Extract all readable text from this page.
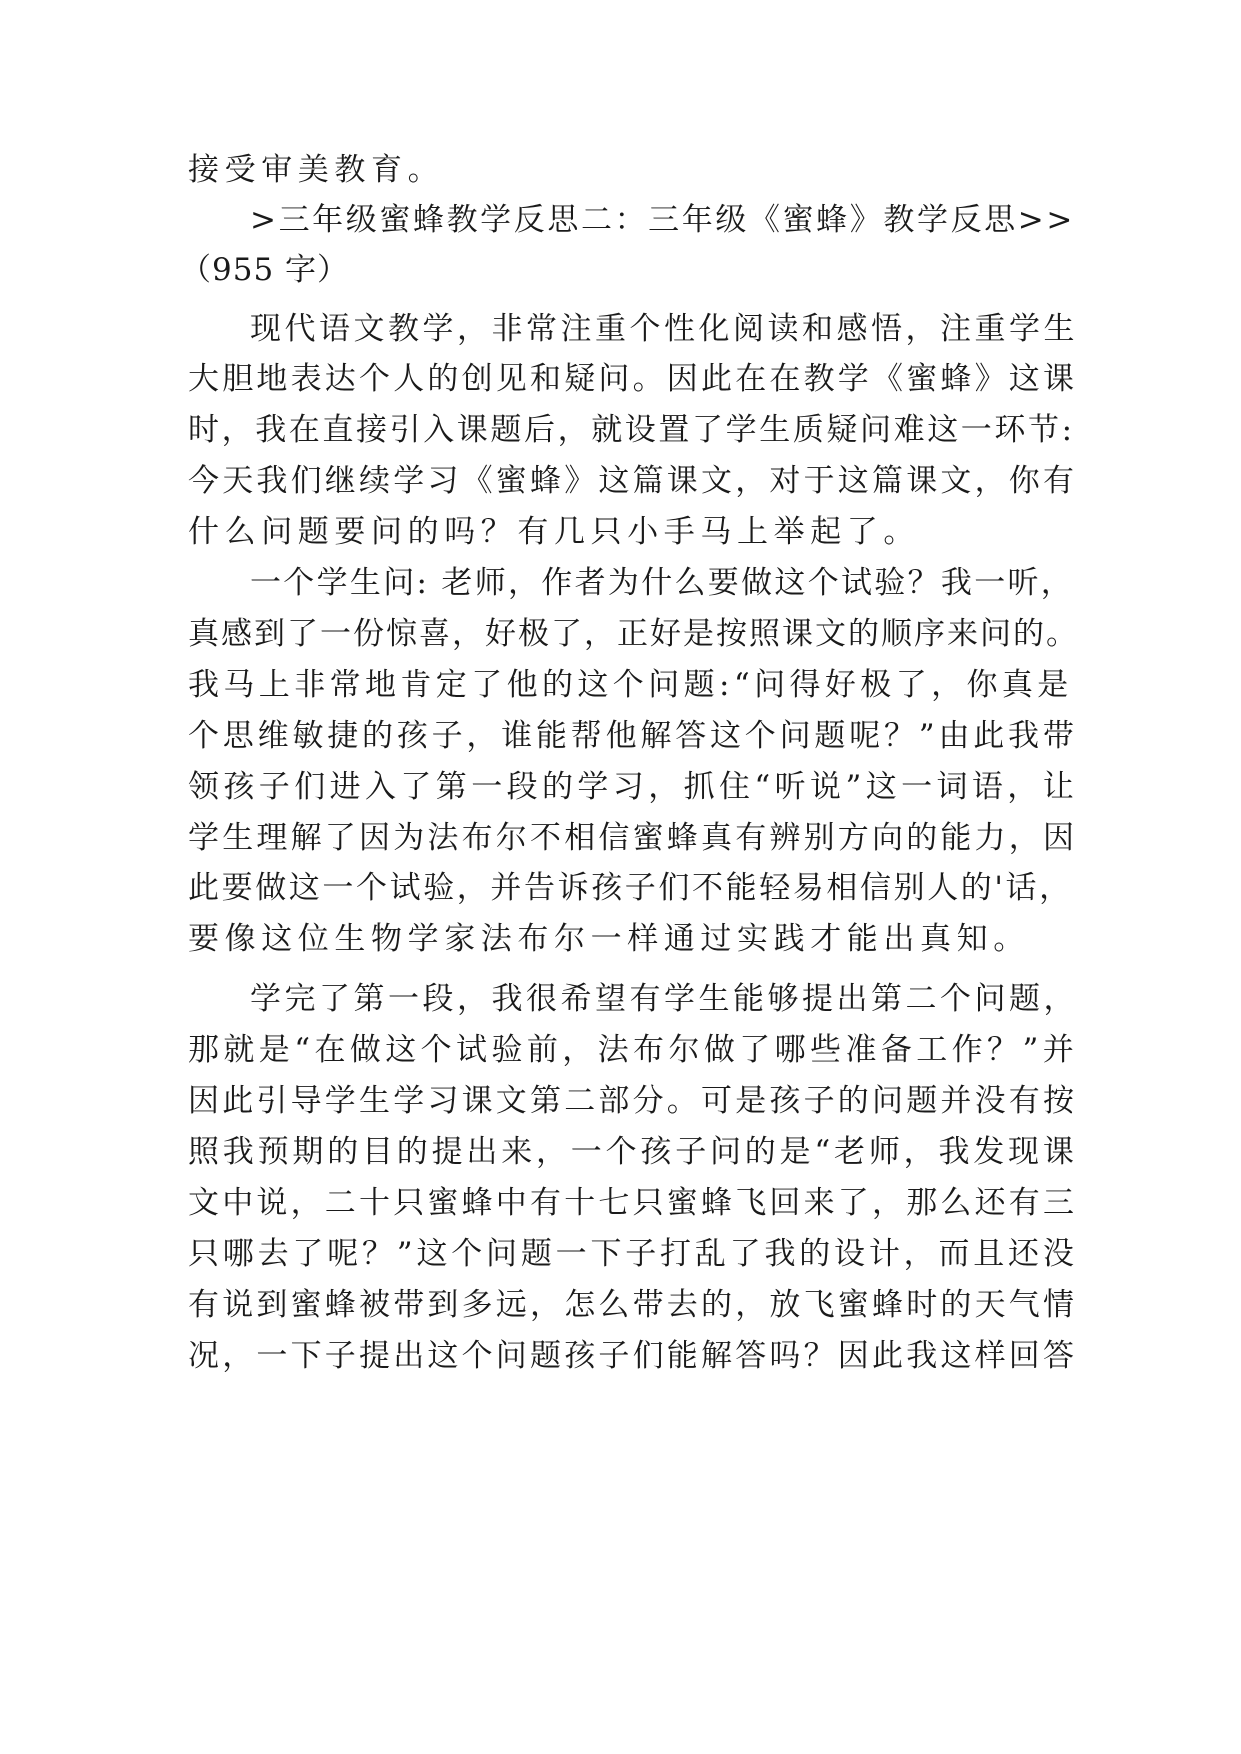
接受审美教育。
>三年级蜜蜂教学反思二：三年级《蜜蜂》教学反思>>
（955 字）
现代语文教学，非常注重个性化阅读和感悟，注重学生
大胆地表达个人的创见和疑问。因此在在教学《蜜蜂》这课
时，我在直接引入课题后，就设置了学生质疑问难这一环节:
今天我们继续学习《蜜蜂》这篇课文，对于这篇课文，你有
什么问题要问的吗？有几只小手马上举起了。
一个学生问: 老师，作者为什么要做这个试验？我一听，
真感到了一份惊喜，好极了，正好是按照课文的顺序来问的。
我马上非常地肯定了他的这个问题:“问得好极了，你真是
个思维敏捷的孩子，谁能帮他解答这个问题呢？”由此我带
领孩子们进入了第一段的学习，抓住“听说”这一词语，让
学生理解了因为法布尔不相信蜜蜂真有辨别方向的能力，因
此要做这一个试验，并告诉孩子们不能轻易相信别人的'话，
要像这位生物学家法布尔一样通过实践才能出真知。
学完了第一段，我很希望有学生能够提出第二个问题，
那就是“在做这个试验前，法布尔做了哪些准备工作？”并
因此引导学生学习课文第二部分。可是孩子的问题并没有按
照我预期的目的提出来，一个孩子问的是“老师，我发现课
文中说，二十只蜜蜂中有十七只蜜蜂飞回来了，那么还有三
只哪去了呢？”这个问题一下子打乱了我的设计，而且还没
有说到蜜蜂被带到多远，怎么带去的，放飞蜜蜂时的天气情
况，一下子提出这个问题孩子们能解答吗？因此我这样回答
